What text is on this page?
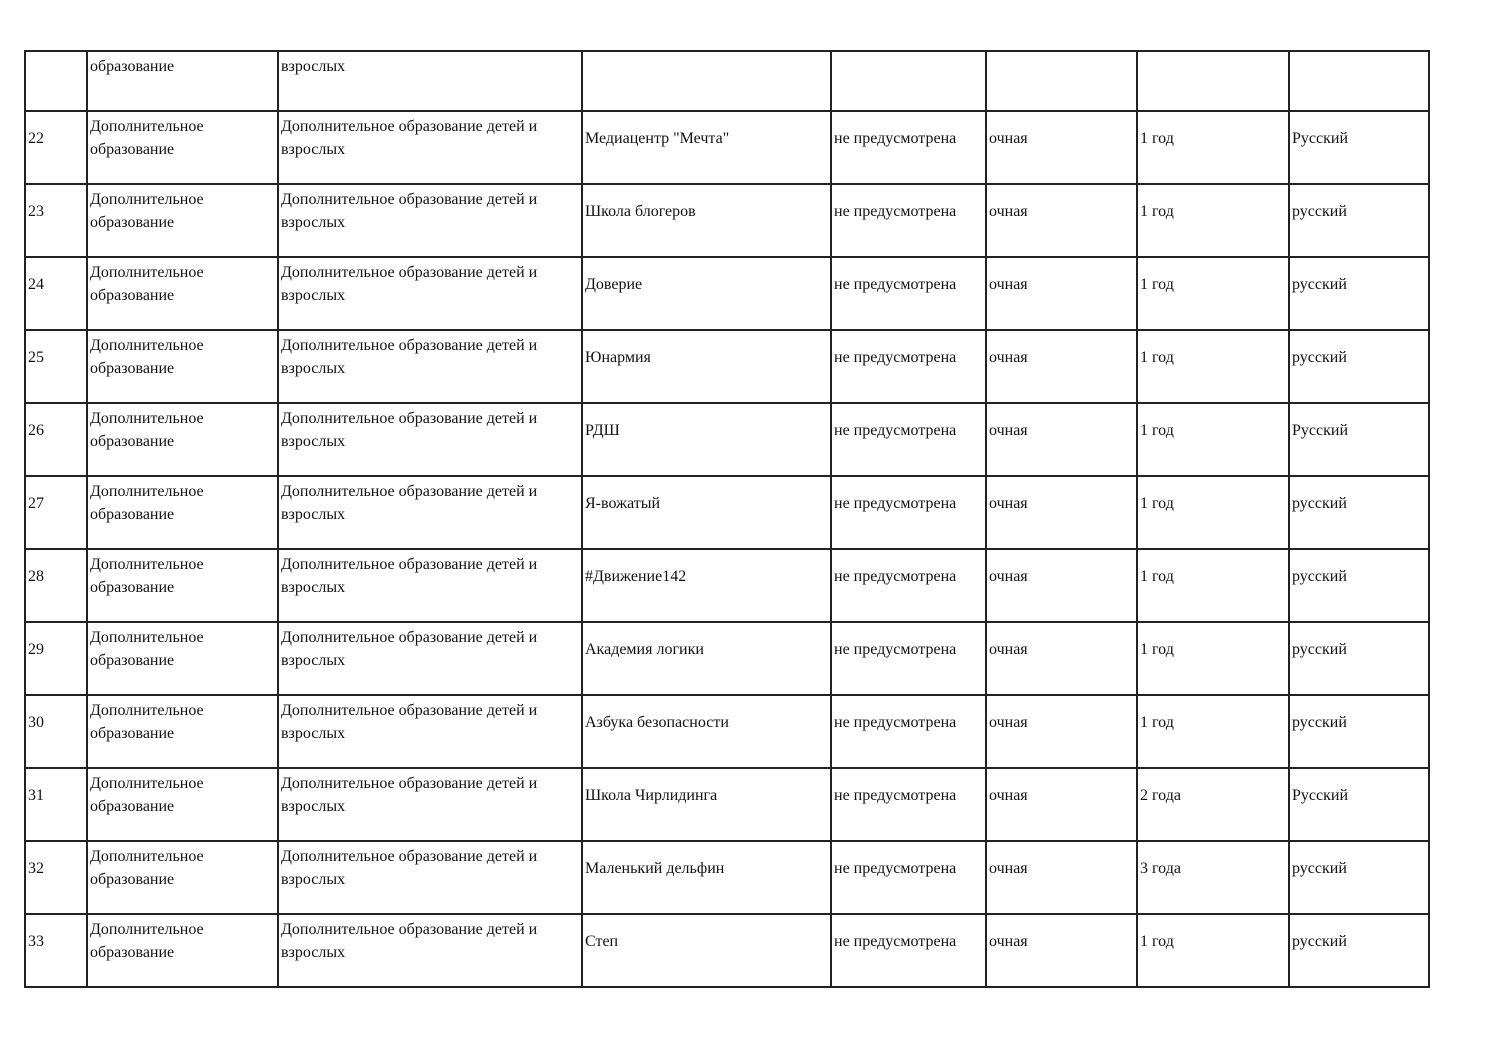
	образование	взрослых					

22	Дополнительное образование	Дополнительное образование детей и взрослых	Медиацентр "Мечта"	не предусмотрена	очная	1 год	Русский

23	Дополнительное образование	Дополнительное образование детей и взрослых	Школа блогеров	не предусмотрена	очная	1 год	русский

24	Дополнительное образование	Дополнительное образование детей и взрослых	Доверие	не предусмотрена	очная	1 год	русский

25	Дополнительное образование	Дополнительное образование детей и взрослых	Юнармия	не предусмотрена	очная	1 год	русский

26	Дополнительное образование	Дополнительное образование детей и взрослых	РДШ	не предусмотрена	очная	1 год	Русский

27	Дополнительное образование	Дополнительное образование детей и взрослых	Я-вожатый	не предусмотрена	очная	1 год	русский

28	Дополнительное образование	Дополнительное образование детей и взрослых	#Движение142	не предусмотрена	очная	1 год	русский

29	Дополнительное образование	Дополнительное образование детей и взрослых	Академия логики	не предусмотрена	очная	1 год	русский

30	Дополнительное образование	Дополнительное образование детей и взрослых	Азбука безопасности	не предусмотрена	очная	1 год	русский

31	Дополнительное образование	Дополнительное образование детей и взрослых	Школа Чирлидинга	не предусмотрена	очная	2 года	Русский

32	Дополнительное образование	Дополнительное образование детей и взрослых	Маленький дельфин	не предусмотрена	очная	3 года	русский

33	Дополнительное образование	Дополнительное образование детей и взрослых	Степ	не предусмотрена	очная	1 год	русский
